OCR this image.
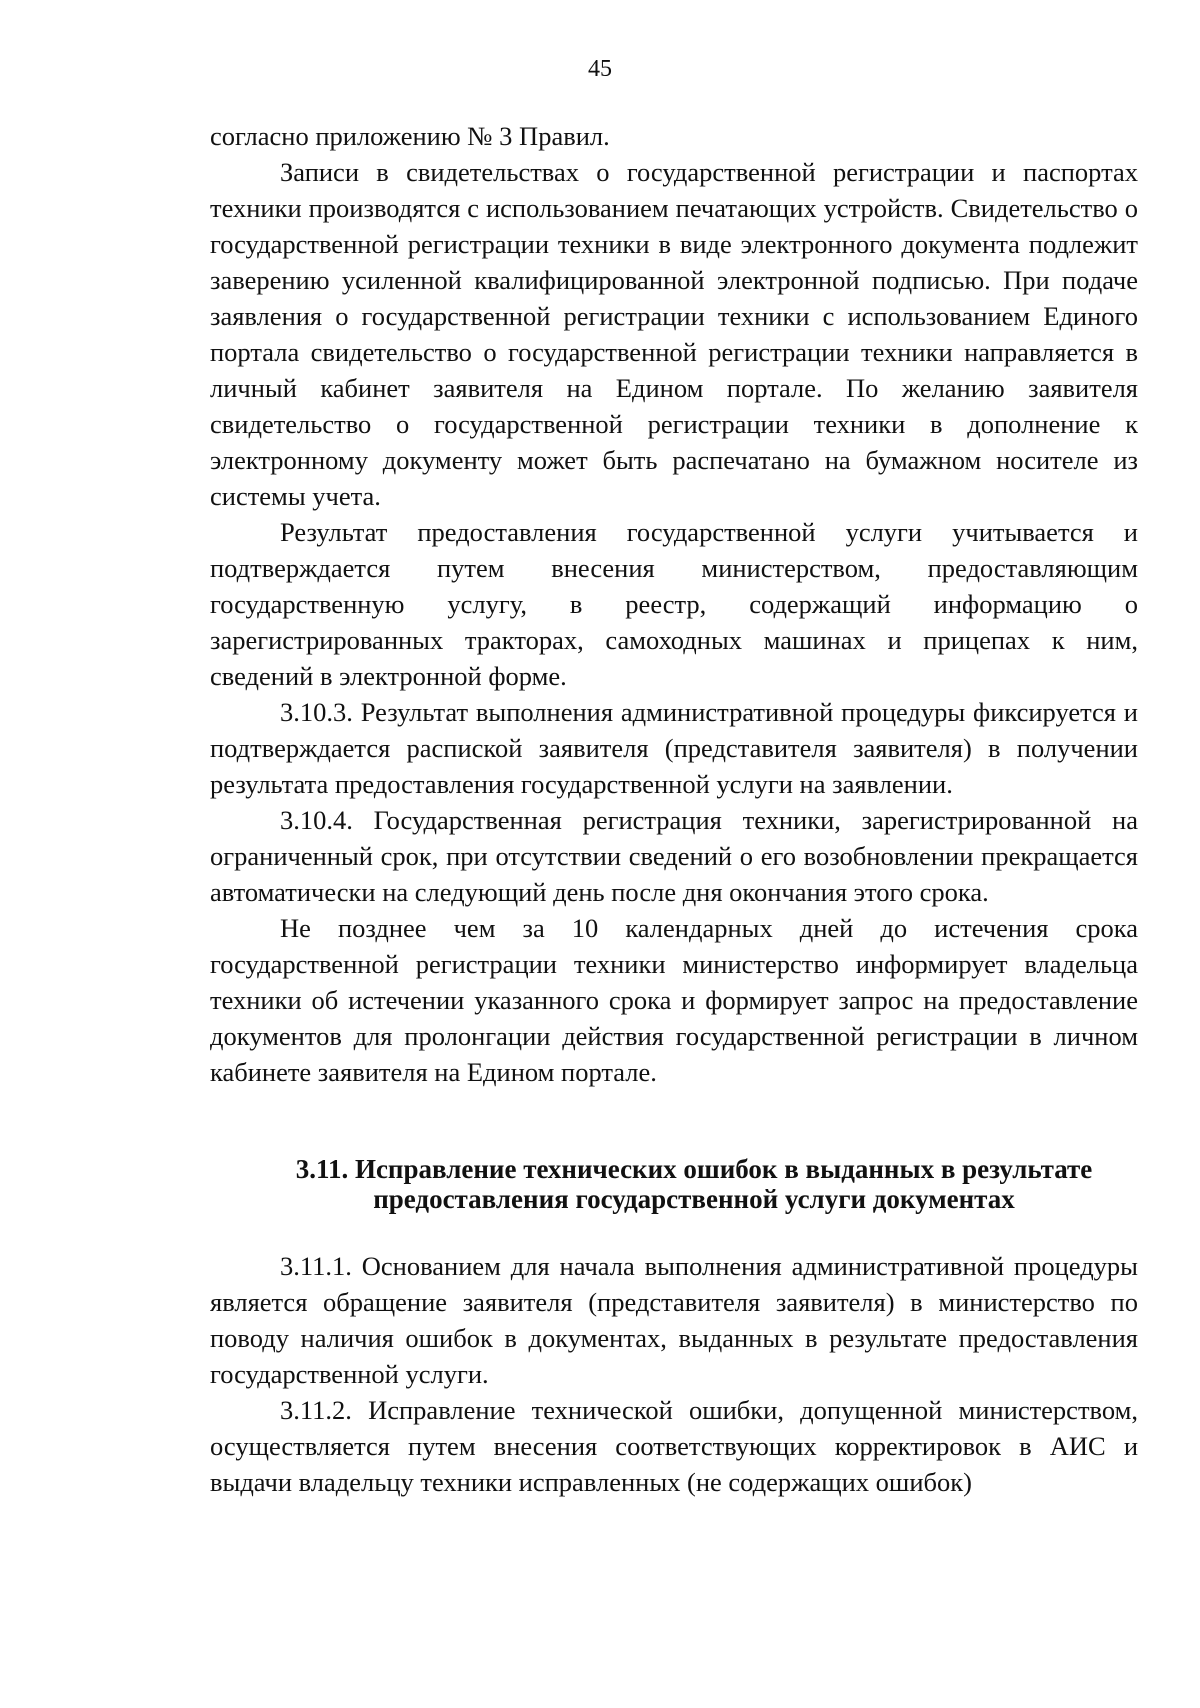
45

согласно приложению № 3 Правил.

Записи в свидетельствах о государственной регистрации и паспортах техники производятся с использованием печатающих устройств. Свидетельство о государственной регистрации техники в виде электронного документа подлежит заверению усиленной квалифицированной электронной подписью. При подаче заявления о государственной регистрации техники с использованием Единого портала свидетельство о государственной регистрации техники направляется в личный кабинет заявителя на Едином портале. По желанию заявителя свидетельство о государственной регистрации техники в дополнение к электронному документу может быть распечатано на бумажном носителе из системы учета.

Результат предоставления государственной услуги учитывается и подтверждается путем внесения министерством, предоставляющим государственную услугу, в реестр, содержащий информацию о зарегистрированных тракторах, самоходных машинах и прицепах к ним, сведений в электронной форме.

3.10.3. Результат выполнения административной процедуры фиксируется и подтверждается распиской заявителя (представителя заявителя) в получении результата предоставления государственной услуги на заявлении.

3.10.4. Государственная регистрация техники, зарегистрированной на ограниченный срок, при отсутствии сведений о его возобновлении прекращается автоматически на следующий день после дня окончания этого срока.

Не позднее чем за 10 календарных дней до истечения срока государственной регистрации техники министерство информирует владельца техники об истечении указанного срока и формирует запрос на предоставление документов для пролонгации действия государственной регистрации в личном кабинете заявителя на Едином портале.

3.11. Исправление технических ошибок в выданных в результате
предоставления государственной услуги документах

3.11.1. Основанием для начала выполнения административной процедуры является обращение заявителя (представителя заявителя) в министерство по поводу наличия ошибок в документах, выданных в результате предоставления государственной услуги.

3.11.2. Исправление технической ошибки, допущенной министерством, осуществляется путем внесения соответствующих корректировок в АИС и выдачи владельцу техники исправленных (не содержащих ошибок)
